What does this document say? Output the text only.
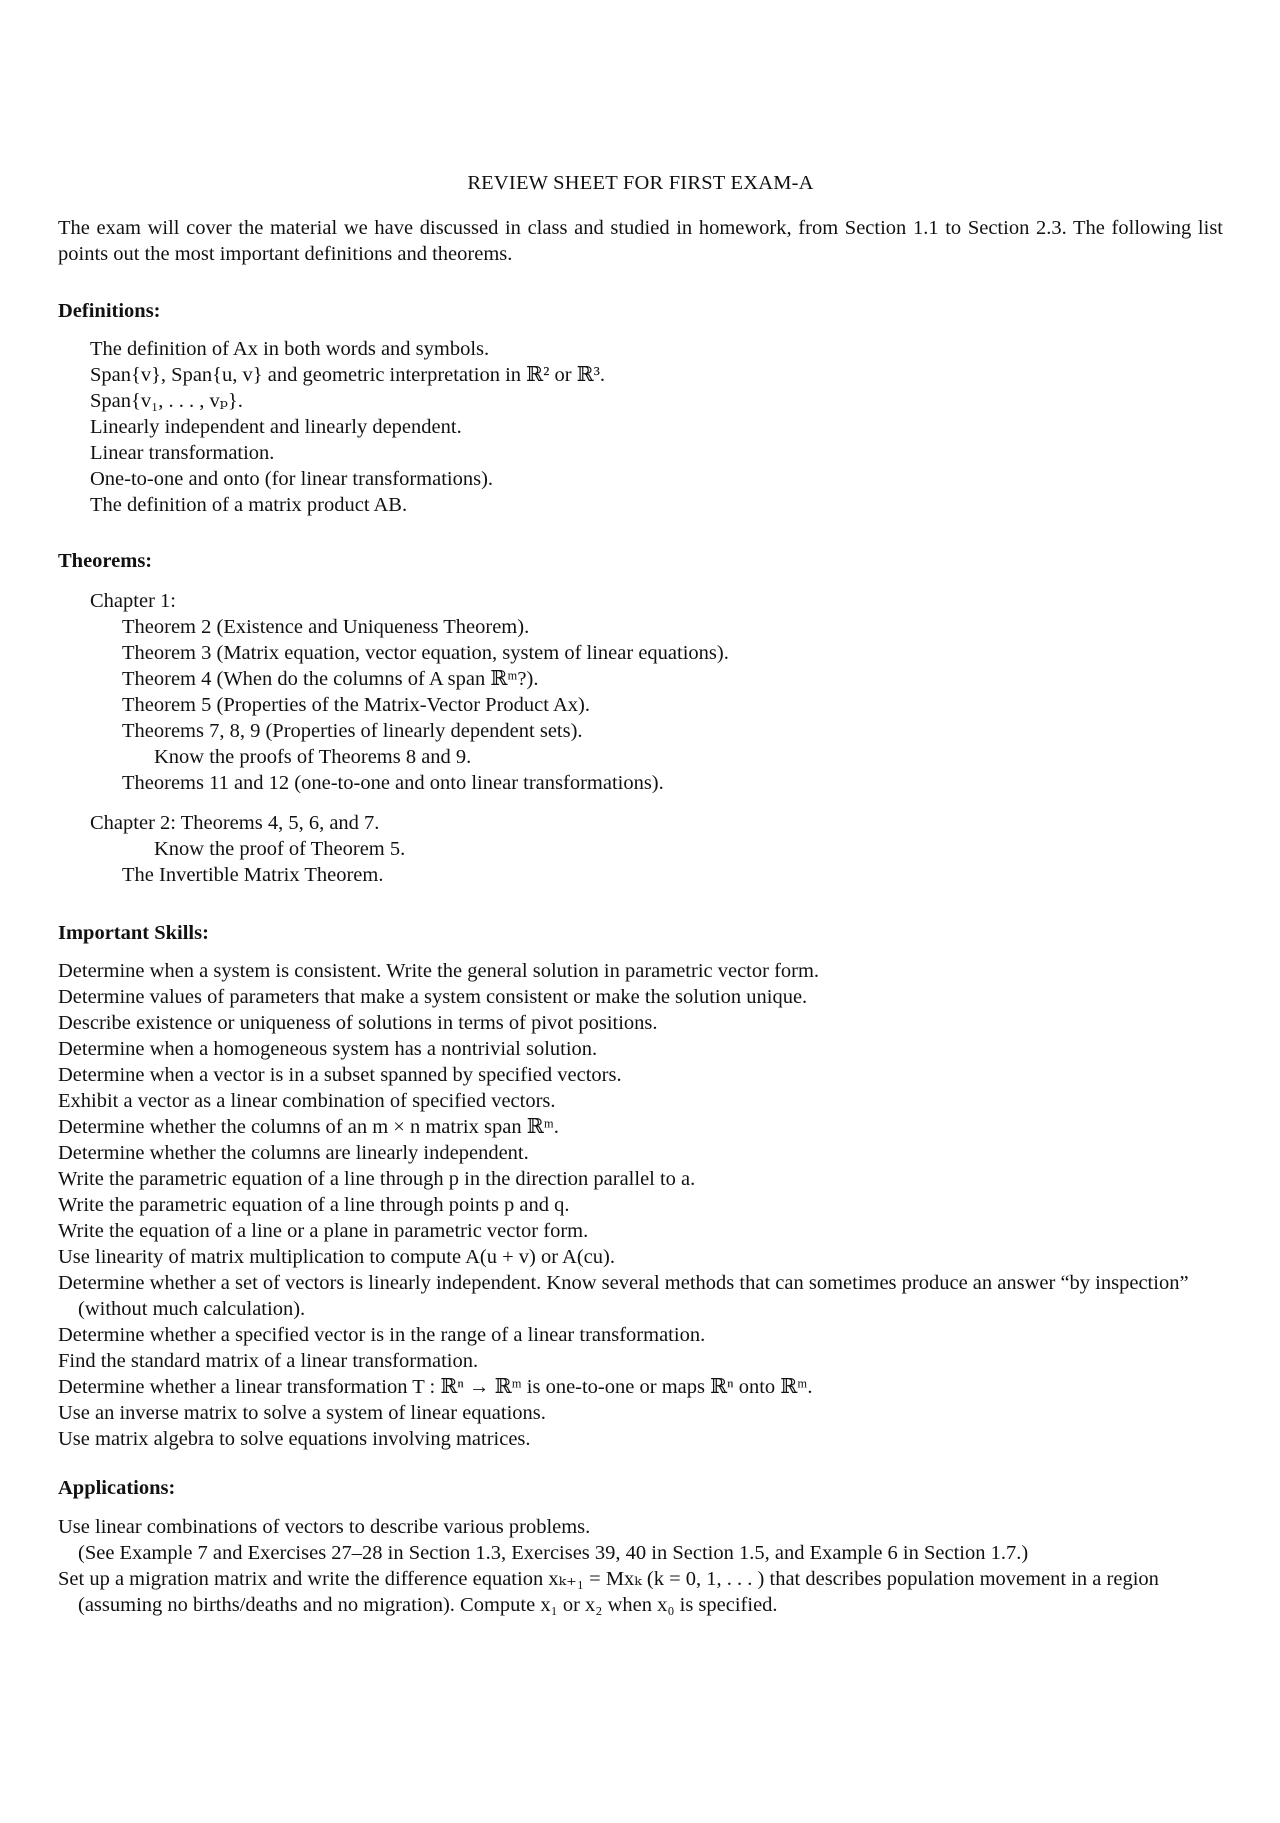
REVIEW SHEET FOR FIRST EXAM-A
The exam will cover the material we have discussed in class and studied in homework, from Section 1.1 to Section 2.3. The following list points out the most important definitions and theorems.
Definitions:
The definition of Ax in both words and symbols.
Span{v}, Span{u, v} and geometric interpretation in ℝ² or ℝ³.
Span{v₁, . . . , vₚ}.
Linearly independent and linearly dependent.
Linear transformation.
One-to-one and onto (for linear transformations).
The definition of a matrix product AB.
Theorems:
Chapter 1:
Theorem 2 (Existence and Uniqueness Theorem).
Theorem 3 (Matrix equation, vector equation, system of linear equations).
Theorem 4 (When do the columns of A span ℝᵐ?).
Theorem 5 (Properties of the Matrix-Vector Product Ax).
Theorems 7, 8, 9 (Properties of linearly dependent sets).
Know the proofs of Theorems 8 and 9.
Theorems 11 and 12 (one-to-one and onto linear transformations).
Chapter 2: Theorems 4, 5, 6, and 7.
Know the proof of Theorem 5.
The Invertible Matrix Theorem.
Important Skills:
Determine when a system is consistent. Write the general solution in parametric vector form.
Determine values of parameters that make a system consistent or make the solution unique.
Describe existence or uniqueness of solutions in terms of pivot positions.
Determine when a homogeneous system has a nontrivial solution.
Determine when a vector is in a subset spanned by specified vectors.
Exhibit a vector as a linear combination of specified vectors.
Determine whether the columns of an m × n matrix span ℝᵐ.
Determine whether the columns are linearly independent.
Write the parametric equation of a line through p in the direction parallel to a.
Write the parametric equation of a line through points p and q.
Write the equation of a line or a plane in parametric vector form.
Use linearity of matrix multiplication to compute A(u + v) or A(cu).
Determine whether a set of vectors is linearly independent. Know several methods that can sometimes produce an answer “by inspection” (without much calculation).
Determine whether a specified vector is in the range of a linear transformation.
Find the standard matrix of a linear transformation.
Determine whether a linear transformation T : ℝⁿ → ℝᵐ is one-to-one or maps ℝⁿ onto ℝᵐ.
Use an inverse matrix to solve a system of linear equations.
Use matrix algebra to solve equations involving matrices.
Applications:
Use linear combinations of vectors to describe various problems.
(See Example 7 and Exercises 27–28 in Section 1.3, Exercises 39, 40 in Section 1.5, and Example 6 in Section 1.7.)
Set up a migration matrix and write the difference equation xₖ₊₁ = Mxₖ (k = 0, 1, . . . ) that describes population movement in a region (assuming no births/deaths and no migration). Compute x₁ or x₂ when x₀ is specified.
